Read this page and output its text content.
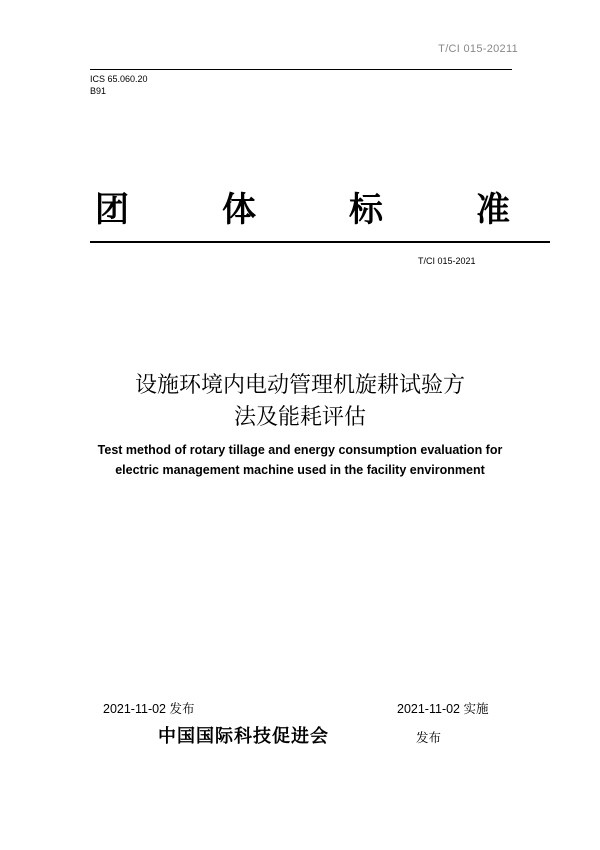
T/CI 015-20211
ICS 65.060.20
B91
团	体	标	准
T/CI 015-2021
设施环境内电动管理机旋耕试验方
法及能耗评估
Test method of rotary tillage and energy consumption evaluation for
electric management machine used in the facility environment
2021-11-02 发布	2021-11-02 实施
中国国际科技促进会	发布
